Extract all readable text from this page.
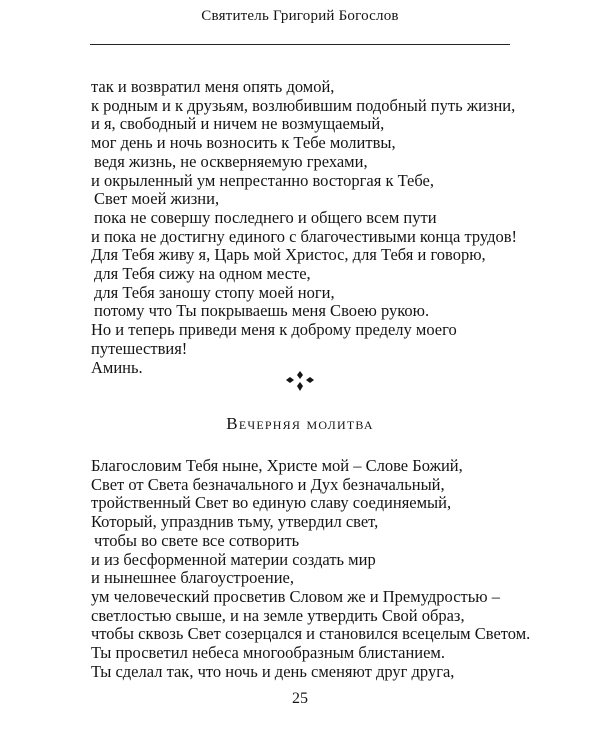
Святитель Григорий Богослов
так и возвратил меня опять домой,
к родным и к друзьям, возлюбившим подобный путь жизни,
и я, свободный и ничем не возмущаемый,
мог день и ночь возносить к Тебе молитвы,
ведя жизнь, не оскверняемую грехами,
и окрыленный ум непрестанно восторгая к Тебе,
Свет моей жизни,
пока не совершу последнего и общего всем пути
и пока не достигну единого с благочестивыми конца трудов!
Для Тебя живу я, Царь мой Христос, для Тебя и говорю,
для Тебя сижу на одном месте,
для Тебя заношу стопу моей ноги,
потому что Ты покрываешь меня Своею рукою.
Но и теперь приведи меня к доброму пределу моего
путешествия!
Аминь.
Вечерняя молитва
Благословим Тебя ныне, Христе мой – Слове Божий,
Свет от Света безначального и Дух безначальный,
тройственный Свет во единую славу соединяемый,
Который, упразднив тьму, утвердил свет,
чтобы во свете все сотворить
и из бесформенной материи создать мир
и нынешнее благоустроение,
ум человеческий просветив Словом же и Премудростью –
светлостью свыше, и на земле утвердить Свой образ,
чтобы сквозь Свет созерцался и становился всецелым Светом.
Ты просветил небеса многообразным блистанием.
Ты сделал так, что ночь и день сменяют друг друга,
25
